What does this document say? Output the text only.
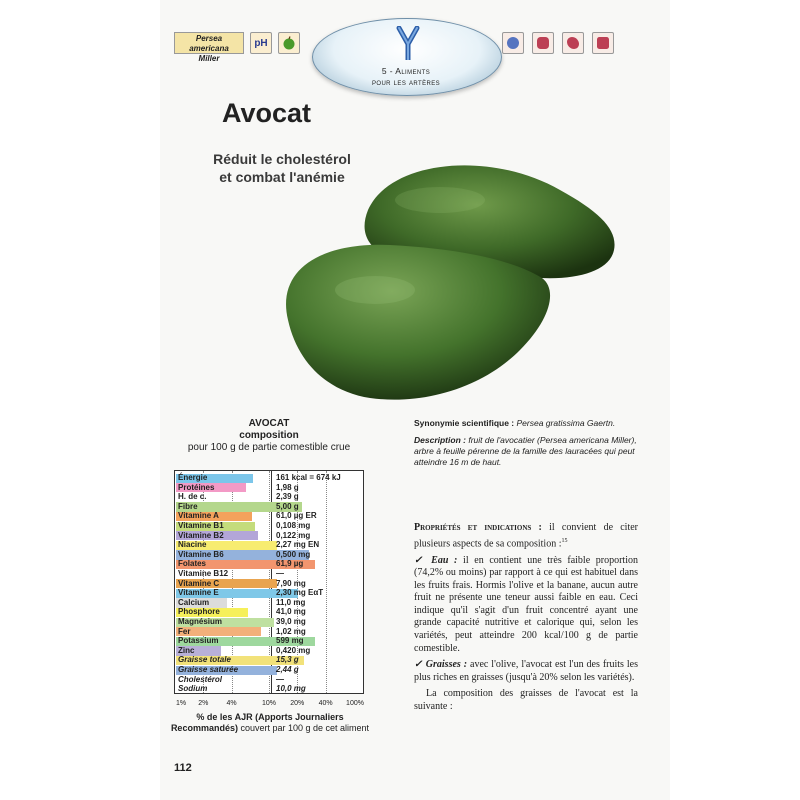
Persea americana
Miller
pH
5 - Aliments
pour les artères
Avocat
Réduit le cholestérol
et combat l'anémie
AVOCAT
composition
pour 100 g de partie comestible crue
Énergie	161 kcal = 674 kJ
Protéines	1,98 g
H. de c.	2,39 g
Fibre	5,00 g
Vitamine A	61,0 µg ER
Vitamine B1	0,108 mg
Vitamine B2	0,122 mg
Niacine	2,27 mg EN
Vitamine B6	0,500 mg
Folates	61,9 µg
Vitamine B12	—
Vitamine C	7,90 mg
Vitamine E	2,30 mg EαT
Calcium	11,0 mg
Phosphore	41,0 mg
Magnésium	39,0 mg
Fer	1,02 mg
Potassium	599 mg
Zinc	0,420 mg
Graisse totale	15,3 g
Graisse saturée	2,44 g
Cholestérol	—
Sodium	10,0 mg
1% 2%	4%	10% 20% 40% 100%
% de les AJR (Apports Journaliers Recommandés) couvert par 100 g de cet aliment
112

Synonymie scientifique : Persea gratissima Gaertn.

Description : fruit de l'avocatier (Persea americana Miller), arbre à feuille pérenne de la famille des lauracées qui peut atteindre 16 m de haut.

Propriétés et indications : il convient de citer plusieurs aspects de sa composition :$^{15}$

✓ Eau : il en contient une très faible proportion (74,2% ou moins) par rapport à ce qui est habituel dans les fruits frais. Hormis l'olive et la banane, aucun autre fruit ne présente une teneur aussi faible en eau. Ceci indique qu'il s'agit d'un fruit concentré ayant une grande capacité nutritive et calorique qui, selon les variétés, peut atteindre 200 kcal/100 g de partie comestible.

✓ Graisses : avec l'olive, l'avocat est l'un des fruits les plus riches en graisses (jusqu'à 20% selon les variétés).

La composition des graisses de l'avocat est la suivante :
